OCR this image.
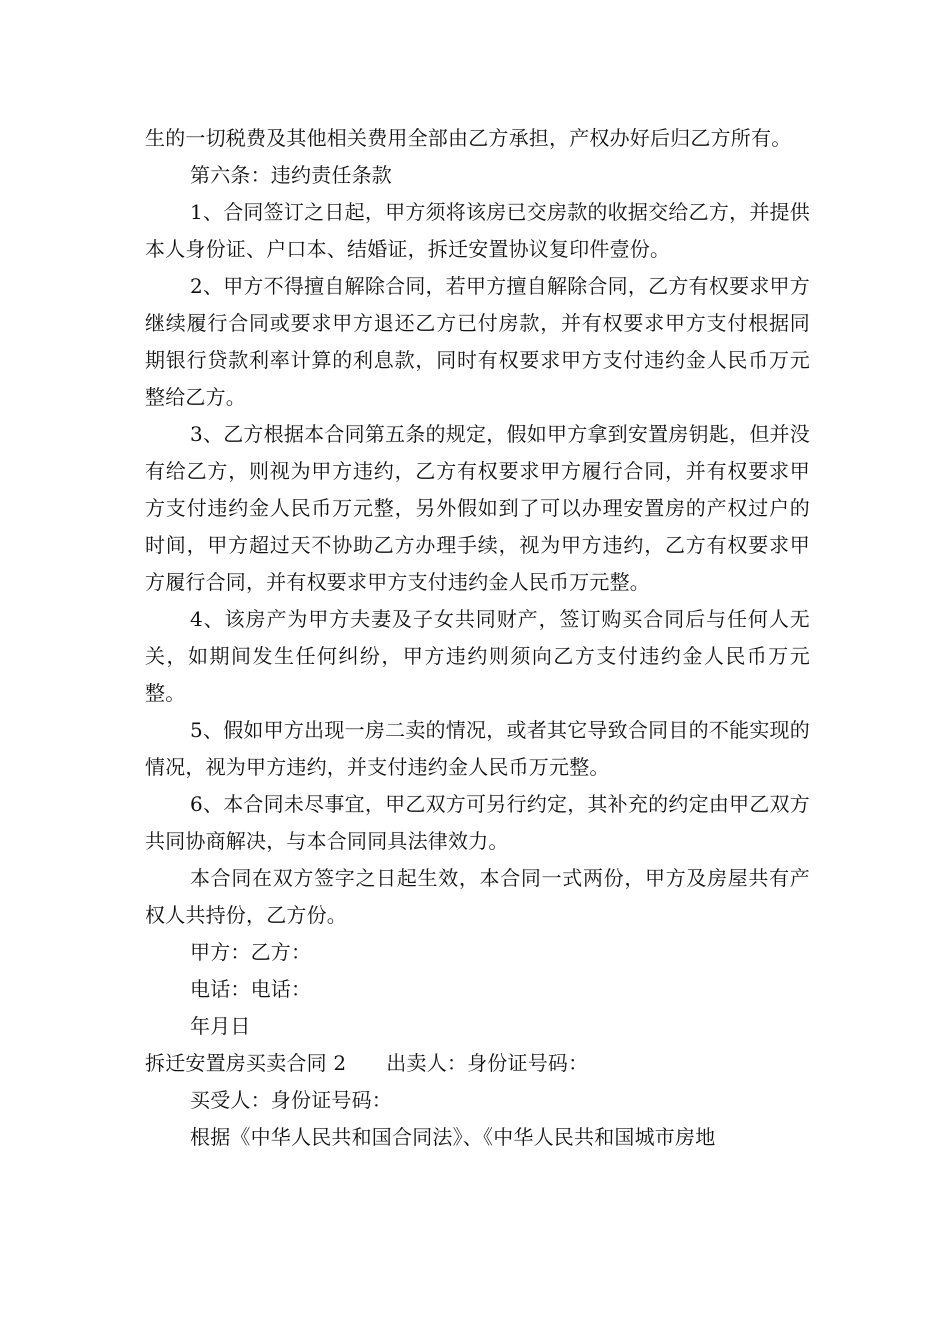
生的一切税费及其他相关费用全部由乙方承担，产权办好后归乙方所有。

第六条：违约责任条款

1、合同签订之日起，甲方须将该房已交房款的收据交给乙方，并提供本人身份证、户口本、结婚证，拆迁安置协议复印件壹份。

2、甲方不得擅自解除合同，若甲方擅自解除合同，乙方有权要求甲方继续履行合同或要求甲方退还乙方已付房款，并有权要求甲方支付根据同期银行贷款利率计算的利息款，同时有权要求甲方支付违约金人民币万元整给乙方。

3、乙方根据本合同第五条的规定，假如甲方拿到安置房钥匙，但并没有给乙方，则视为甲方违约，乙方有权要求甲方履行合同，并有权要求甲方支付违约金人民币万元整，另外假如到了可以办理安置房的产权过户的时间，甲方超过天不协助乙方办理手续，视为甲方违约，乙方有权要求甲方履行合同，并有权要求甲方支付违约金人民币万元整。

4、该房产为甲方夫妻及子女共同财产，签订购买合同后与任何人无关，如期间发生任何纠纷，甲方违约则须向乙方支付违约金人民币万元整。

5、假如甲方出现一房二卖的情况，或者其它导致合同目的不能实现的情况，视为甲方违约，并支付违约金人民币万元整。

6、本合同未尽事宜，甲乙双方可另行约定，其补充的约定由甲乙双方共同协商解决，与本合同同具法律效力。

本合同在双方签字之日起生效，本合同一式两份，甲方及房屋共有产权人共持份，乙方份。

甲方：乙方：

电话：电话：

年月日

拆迁安置房买卖合同 2 出卖人：身份证号码：

买受人：身份证号码：

根据《中华人民共和国合同法》、《中华人民共和国城市房地
